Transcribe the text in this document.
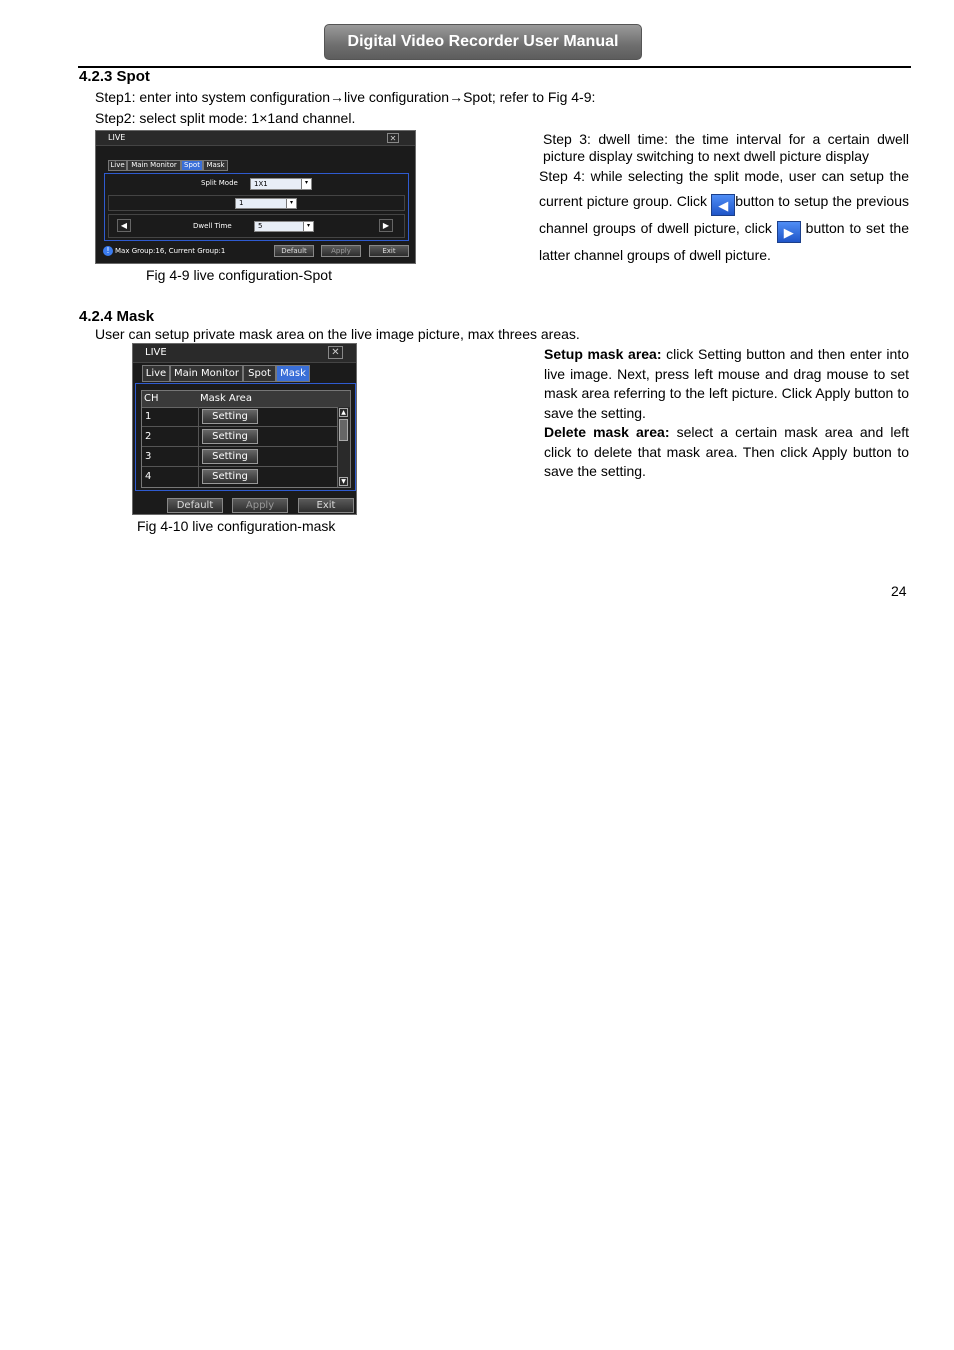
Digital Video Recorder User Manual
4.2.3 Spot
Step1: enter into system configuration→live configuration→Spot; refer to Fig 4-9:
Step2: select split mode: 1×1and channel.
LIVE	✕
Live Main Monitor	Spot Mask
Split Mode	1X1	▾
1	▾
◀	Dwell Time	5	▾	▶
! Max Group:16, Current Group:1	Default	Apply	Exit
Fig 4-9 live configuration-Spot
Step 3: dwell time: the time interval for a certain dwell picture display switching to next dwell picture display
Step 4: while selecting the split mode, user can setup the current picture group. Click ◀ button to setup the previous channel groups of dwell picture, click ▶ button to set the latter channel groups of dwell picture.
4.2.4 Mask
User can setup private mask area on the live image picture, max threes areas.
LIVE	✕
Live Main Monitor Spot Mask
CH	Mask Area
1	Setting
2	Setting
3	Setting
4	Setting
▲
▼
Default	Apply	Exit
Fig 4-10 live configuration-mask
Setup mask area: click Setting button and then enter into live image. Next, press left mouse and drag mouse to set mask area referring to the left picture. Click Apply button to save the setting.
Delete mask area: select a certain mask area and left click to delete that mask area. Then click Apply button to save the setting.
24
